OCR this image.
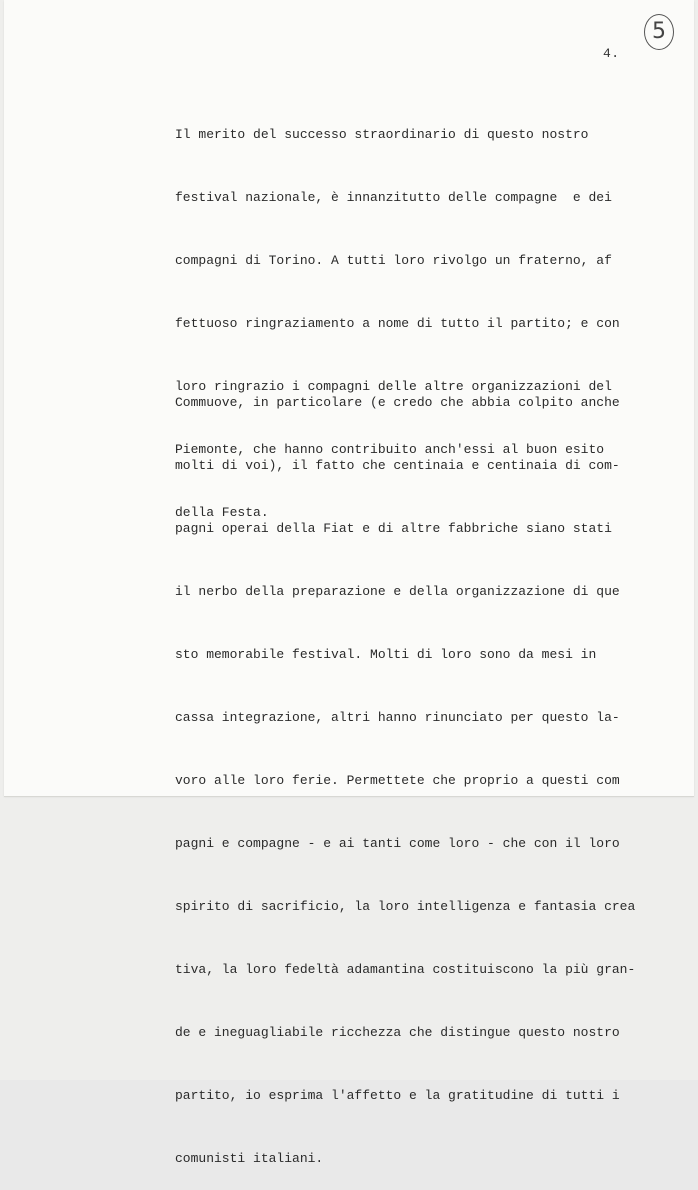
4.
5

Il merito del successo straordinario di questo nostro

festival nazionale, è innanzitutto delle compagne  e dei

compagni di Torino. A tutti loro rivolgo un fraterno, af

fettuoso ringraziamento a nome di tutto il partito; e con

loro ringrazio i compagni delle altre organizzazioni del

Piemonte, che hanno contribuito anch'essi al buon esito

della Festa.

Commuove, in particolare (e credo che abbia colpito anche

molti di voi), il fatto che centinaia e centinaia di com-

pagni operai della Fiat e di altre fabbriche siano stati

il nerbo della preparazione e della organizzazione di que

sto memorabile festival. Molti di loro sono da mesi in

cassa integrazione, altri hanno rinunciato per questo la-

voro alle loro ferie. Permettete che proprio a questi com

pagni e compagne - e ai tanti come loro - che con il loro

spirito di sacrificio, la loro intelligenza e fantasia crea

tiva, la loro fedeltà adamantina costituiscono la più gran-

de e ineguagliabile ricchezza che distingue questo nostro

partito, io esprima l'affetto e la gratitudine di tutti i

comunisti italiani.
